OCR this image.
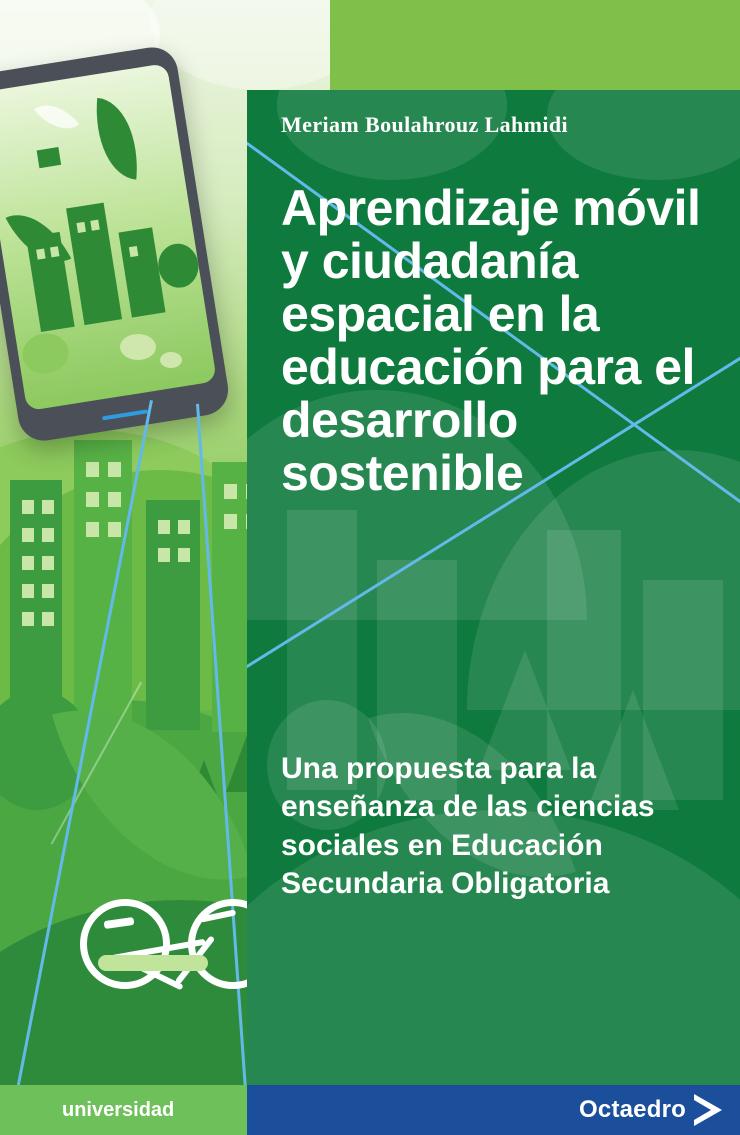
Meriam Boulahrouz Lahmidi
Aprendizaje móvil y ciudadanía espacial en la educación para el desarrollo sostenible
Una propuesta para la enseñanza de las ciencias sociales en Educación Secundaria Obligatoria
universidad	Octaedro
